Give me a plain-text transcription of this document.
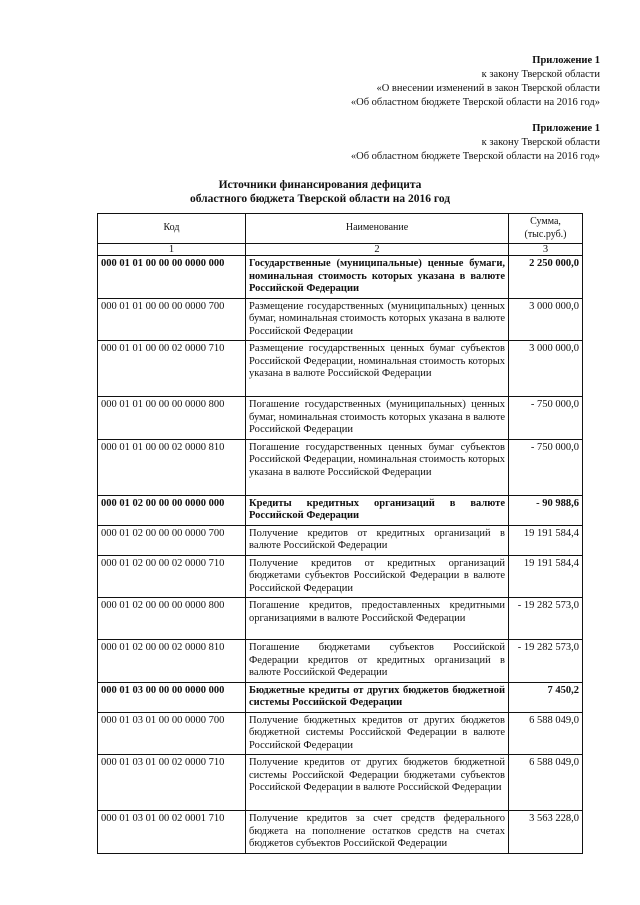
Приложение 1
к закону Тверской области
«О внесении изменений в закон Тверской области
«Об областном бюджете Тверской области на 2016 год»
Приложение 1
к закону Тверской области
«Об областном бюджете Тверской области на 2016 год»
Источники финансирования дефицита
областного бюджета Тверской области на 2016 год
Код	Наименование	Сумма, (тыс.руб.)
1	2	3
000 01 01 00 00 00 0000 000	Государственные (муниципальные) ценные бумаги, номинальная стоимость которых указана в валюте Российской Федерации	2 250 000,0
000 01 01 00 00 00 0000 700	Размещение государственных (муниципальных) ценных бумаг, номинальная стоимость которых указана в валюте Российской Федерации	3 000 000,0
000 01 01 00 00 02 0000 710	Размещение государственных ценных бумаг субъектов Российской Федерации, номинальная стоимость которых указана в валюте Российской Федерации	3 000 000,0
000 01 01 00 00 00 0000 800	Погашение государственных (муниципальных) ценных бумаг, номинальная стоимость которых указана в валюте Российской Федерации	- 750 000,0
000 01 01 00 00 02 0000 810	Погашение государственных ценных бумаг субъектов Российской Федерации, номинальная стоимость которых указана в валюте Российской Федерации	- 750 000,0
000 01 02 00 00 00 0000 000	Кредиты кредитных организаций в валюте Российской Федерации	- 90 988,6
000 01 02 00 00 00 0000 700	Получение кредитов от кредитных организаций в валюте Российской Федерации	19 191 584,4
000 01 02 00 00 02 0000 710	Получение кредитов от кредитных организаций бюджетами субъектов Российской Федерации в валюте Российской Федерации	19 191 584,4
000 01 02 00 00 00 0000 800	Погашение кредитов, предоставленных кредитными организациями в валюте Российской Федерации	- 19 282 573,0
000 01 02 00 00 02 0000 810	Погашение бюджетами субъектов Российской Федерации кредитов от кредитных организаций в валюте Российской Федерации	- 19 282 573,0
000 01 03 00 00 00 0000 000	Бюджетные кредиты от других бюджетов бюджетной системы Российской Федерации	7 450,2
000 01 03 01 00 00 0000 700	Получение бюджетных кредитов от других бюджетов бюджетной системы Российской Федерации в валюте Российской Федерации	6 588 049,0
000 01 03 01 00 02 0000 710	Получение кредитов от других бюджетов бюджетной системы Российской Федерации бюджетами субъектов Российской Федерации в валюте Российской Федерации	6 588 049,0
000 01 03 01 00 02 0001 710	Получение кредитов за счет средств федерального бюджета на пополнение остатков средств на счетах бюджетов субъектов Российской Федерации	3 563 228,0
